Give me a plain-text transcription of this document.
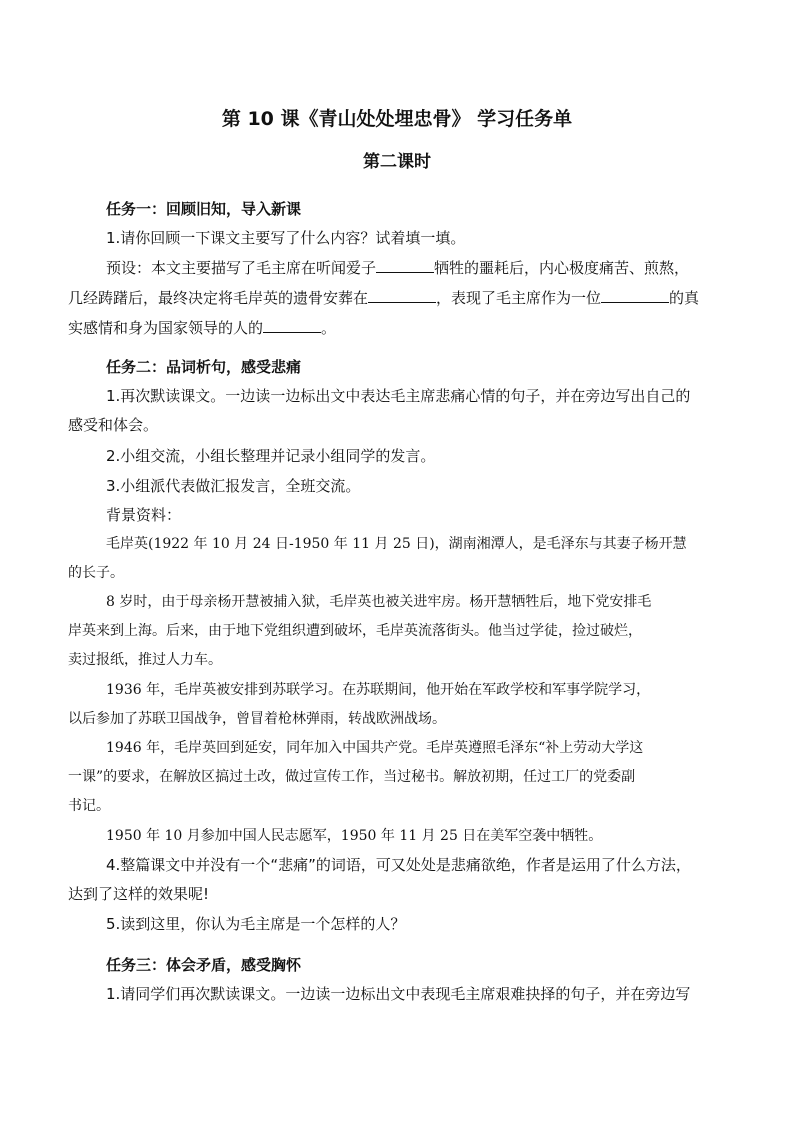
第 10 课《青山处处埋忠骨》 学习任务单
第二课时
任务一：回顾旧知，导入新课
1.请你回顾一下课文主要写了什么内容？试着填一填。
预设：本文主要描写了毛主席在听闻爱子	牺牲的噩耗后，内心极度痛苦、煎熬，
几经踌躇后，最终决定将毛岸英的遗骨安葬在	，表现了毛主席作为一位	的真
实感情和身为国家领导的人的	。
任务二：品词析句，感受悲痛
1.再次默读课文。一边读一边标出文中表达毛主席悲痛心情的句子，并在旁边写出自己的
感受和体会。
2.小组交流，小组长整理并记录小组同学的发言。
3.小组派代表做汇报发言，全班交流。
背景资料：
毛岸英(1922 年 10 月 24 日-1950 年 11 月 25 日)，湖南湘潭人，是毛泽东与其妻子杨开慧
的长子。
8 岁时，由于母亲杨开慧被捕入狱，毛岸英也被关进牢房。杨开慧牺牲后，地下党安排毛
岸英来到上海。后来，由于地下党组织遭到破坏，毛岸英流落街头。他当过学徒，捡过破烂，
卖过报纸，推过人力车。
1936 年，毛岸英被安排到苏联学习。在苏联期间，他开始在军政学校和军事学院学习，
以后参加了苏联卫国战争，曾冒着枪林弹雨，转战欧洲战场。
1946 年，毛岸英回到延安，同年加入中国共产党。毛岸英遵照毛泽东“补上劳动大学这
一课”的要求，在解放区搞过土改，做过宣传工作，当过秘书。解放初期，任过工厂的党委副
书记。
1950 年 10 月参加中国人民志愿军，1950 年 11 月 25 日在美军空袭中牺牲。
4.整篇课文中并没有一个“悲痛”的词语，可又处处是悲痛欲绝，作者是运用了什么方法，
达到了这样的效果呢!
5.读到这里，你认为毛主席是一个怎样的人？
任务三：体会矛盾，感受胸怀
1.请同学们再次默读课文。一边读一边标出文中表现毛主席艰难抉择的句子，并在旁边写
